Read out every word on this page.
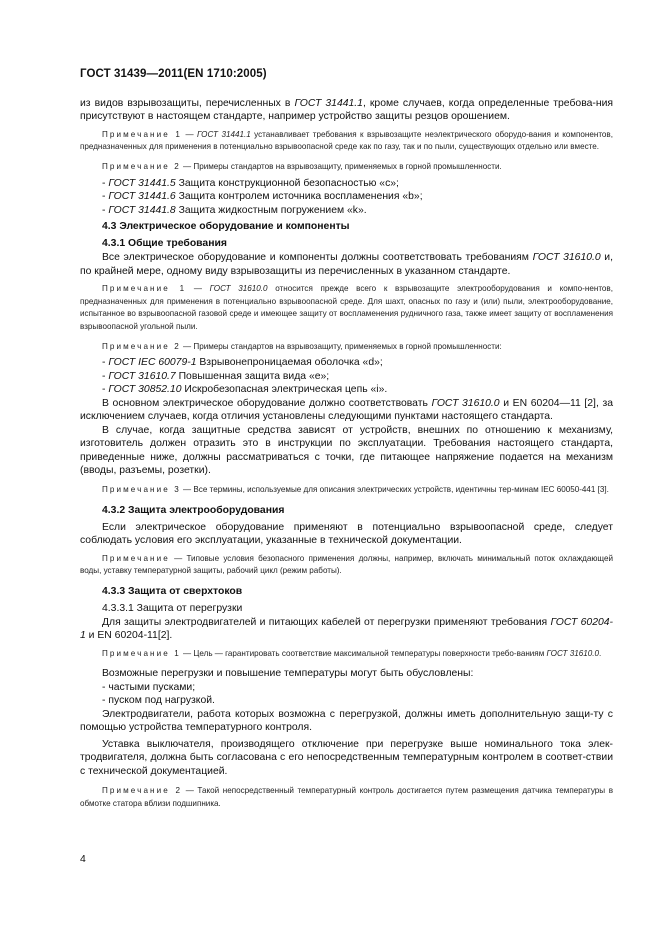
ГОСТ 31439—2011(EN 1710:2005)

из видов взрывозащиты, перечисленных в ГОСТ 31441.1, кроме случаев, когда определенные требова-ния присутствуют в настоящем стандарте, например устройство защиты резцов орошением.

Примечание 1 — ГОСТ 31441.1 устанавливает требования к взрывозащите неэлектрического оборудо-вания и компонентов, предназначенных для применения в потенциально взрывоопасной среде как по газу, так и по пыли, существующих отдельно или вместе.

Примечание 2 — Примеры стандартов на взрывозащиту, применяемых в горной промышленности.

- ГОСТ 31441.5 Защита конструкционной безопасностью «с»;
- ГОСТ 31441.6 Защита контролем источника воспламенения «b»;
- ГОСТ 31441.8 Защита жидкостным погружением «k».
4.3 Электрическое оборудование и компоненты
4.3.1 Общие требования

Все электрическое оборудование и компоненты должны соответствовать требованиям ГОСТ 31610.0 и, по крайней мере, одному виду взрывозащиты из перечисленных в указанном стандарте.

Примечание 1 — ГОСТ 31610.0 относится прежде всего к взрывозащите электрооборудования и компо-нентов, предназначенных для применения в потенциально взрывоопасной среде. Для шахт, опасных по газу и (или) пыли, электрооборудование, испытанное во взрывоопасной газовой среде и имеющее защиту от воспламенения рудничного газа, также имеет защиту от воспламенения взрывоопасной угольной пыли.

Примечание 2 — Примеры стандартов на взрывозащиту, применяемых в горной промышленности:

- ГОСТ IEC 60079-1 Взрывонепроницаемая оболочка «d»;
- ГОСТ 31610.7 Повышенная защита вида «е»;
- ГОСТ 30852.10 Искробезопасная электрическая цепь «i».

В основном электрическое оборудование должно соответствовать ГОСТ 31610.0 и EN 60204—11 [2], за исключением случаев, когда отличия установлены следующими пунктами настоящего стандарта.

В случае, когда защитные средства зависят от устройств, внешних по отношению к механизму, изготовитель должен отразить это в инструкции по эксплуатации. Требования настоящего стандарта, приведенные ниже, должны рассматриваться с точки, где питающее напряжение подается на механизм (вводы, разъемы, розетки).

Примечание 3 — Все термины, используемые для описания электрических устройств, идентичны тер-минам IEC 60050-441 [3].

4.3.2 Защита электрооборудования

Если электрическое оборудование применяют в потенциально взрывоопасной среде, следует соблюдать условия его эксплуатации, указанные в технической документации.

Примечание — Типовые условия безопасного применения должны, например, включать минимальный поток охлаждающей воды, уставку температурной защиты, рабочий цикл (режим работы).

4.3.3 Защита от сверхтоков
4.3.3.1 Защита от перегрузки

Для защиты электродвигателей и питающих кабелей от перегрузки применяют требования ГОСТ 60204-1 и EN 60204-11[2].

Примечание 1 — Цель — гарантировать соответствие максимальной температуры поверхности требо-ваниям ГОСТ 31610.0.

Возможные перегрузки и повышение температуры могут быть обусловлены:

- частыми пусками;
- пуском под нагрузкой.

Электродвигатели, работа которых возможна с перегрузкой, должны иметь дополнительную защи-ту с помощью устройства температурного контроля.

Уставка выключателя, производящего отключение при перегрузке выше номинального тока элек-тродвигателя, должна быть согласована с его непосредственным температурным контролем в соответ-ствии с технической документацией.

Примечание 2 — Такой непосредственный температурный контроль достигается путем размещения датчика температуры в обмотке статора вблизи подшипника.

4
